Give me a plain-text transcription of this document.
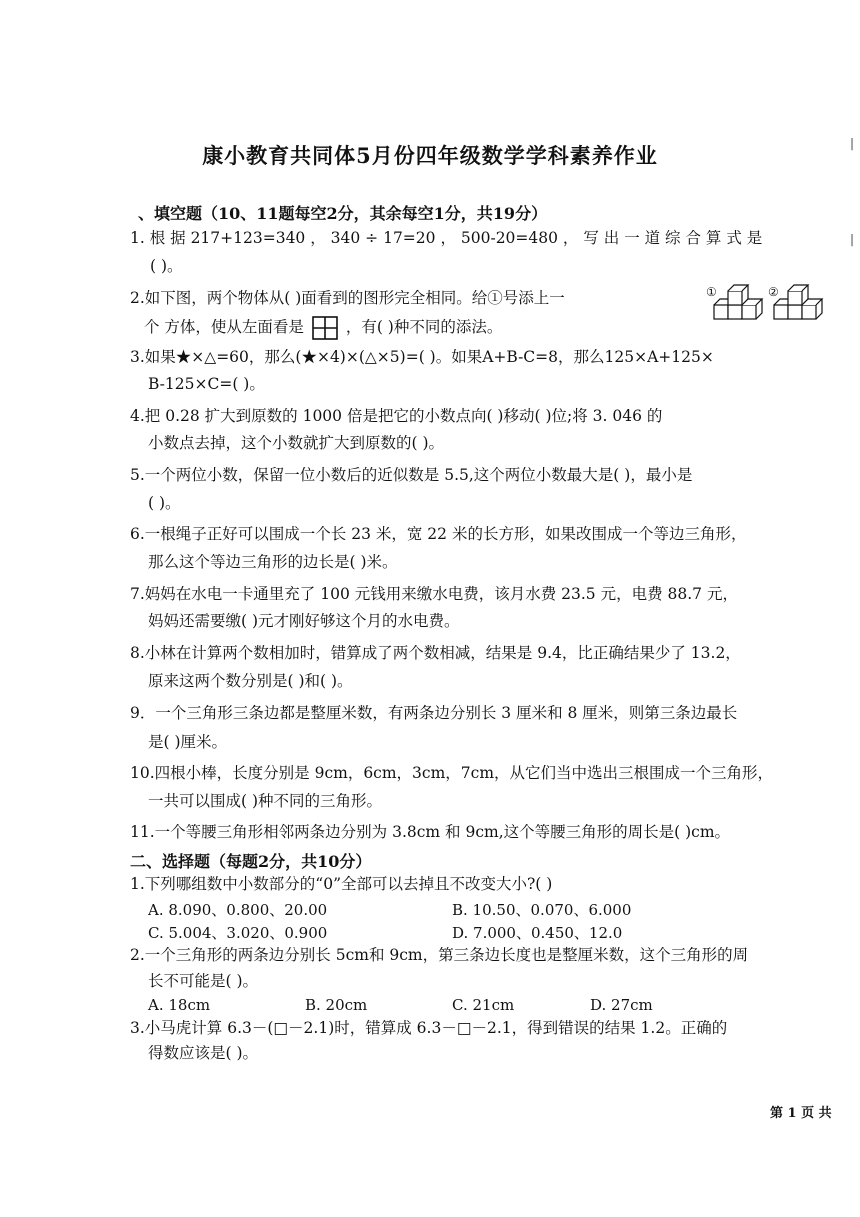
康小教育共同体5月份四年级数学学科素养作业
、填空题（10、11题每空2分，其余每空1分，共19分）
1. 根 据 217+123=340 ， 340 ÷ 17=20 ， 500-20=480 ， 写 出 一 道 综 合 算 式 是
( )。
2.如下图，两个物体从( )面看到的图形完全相同。给①号添上一
个 方体，使从左面看是	，有( )种不同的添法。
①	②
3.如果★×△=60，那么(★×4)×(△×5)=( )。如果A+B-C=8，那么125×A+125×
B-125×C=( )。
4.把 0.28 扩大到原数的 1000 倍是把它的小数点向( )移动( )位;将 3. 046 的
小数点去掉，这个小数就扩大到原数的( )。
5.一个两位小数，保留一位小数后的近似数是 5.5,这个两位小数最大是( )，最小是
( )。
6.一根绳子正好可以围成一个长 23 米，宽 22 米的长方形，如果改围成一个等边三角形，
那么这个等边三角形的边长是( )米。
7.妈妈在水电一卡通里充了 100 元钱用来缴水电费，该月水费 23.5 元，电费 88.7 元，
妈妈还需要缴( )元才刚好够这个月的水电费。
8.小林在计算两个数相加时，错算成了两个数相减，结果是 9.4，比正确结果少了 13.2，
原来这两个数分别是( )和( )。
9．一个三角形三条边都是整厘米数，有两条边分别长 3 厘米和 8 厘米，则第三条边最长
是( )厘米。
10.四根小棒，长度分别是 9cm，6cm，3cm，7cm，从它们当中选出三根围成一个三角形，
一共可以围成( )种不同的三角形。
11.一个等腰三角形相邻两条边分别为 3.8cm 和 9cm,这个等腰三角形的周长是( )cm。
二、选择题（每题2分，共10分）
1.下列哪组数中小数部分的“0”全部可以去掉且不改变大小?( )
A. 8.090、0.800、20.00	B. 10.50、0.070、6.000
C. 5.004、3.020、0.900	D. 7.000、0.450、12.0
2.一个三角形的两条边分别长 5cm和 9cm，第三条边长度也是整厘米数，这个三角形的周
长不可能是( )。
A. 18cm	B. 20cm	C. 21cm	D. 27cm
3.小马虎计算 6.3－(□－2.1)时，错算成 6.3－□－2.1，得到错误的结果 1.2。正确的
得数应该是( )。
第 1 页 共
|
|
